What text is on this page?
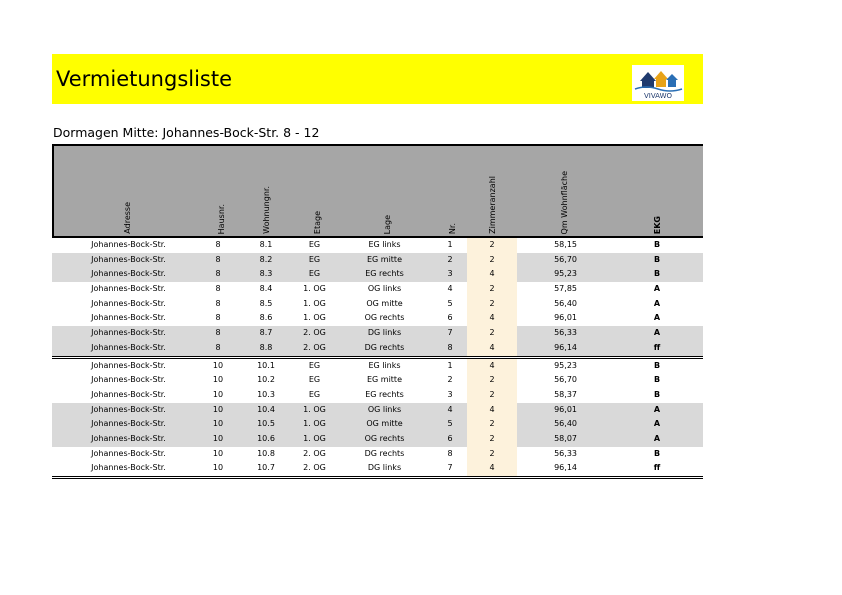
Vermietungsliste
VIVAWO
Dormagen Mitte: Johannes-Bock-Str. 8 - 12
Adresse	Hausnr.	Wohnungnr.	Etage	Lage	Nr.	Zimmeranzahl	Qm Wohnfläche	EKG
Johannes-Bock-Str.	8	8.1	EG	EG links	1	2	58,15	B
Johannes-Bock-Str.	8	8.2	EG	EG mitte	2	2	56,70	B
Johannes-Bock-Str.	8	8.3	EG	EG rechts	3	4	95,23	B
Johannes-Bock-Str.	8	8.4	1. OG	OG links	4	2	57,85	A
Johannes-Bock-Str.	8	8.5	1. OG	OG mitte	5	2	56,40	A
Johannes-Bock-Str.	8	8.6	1. OG	OG rechts	6	4	96,01	A
Johannes-Bock-Str.	8	8.7	2. OG	DG links	7	2	56,33	A
Johannes-Bock-Str.	8	8.8	2. OG	DG rechts	8	4	96,14	ff
Johannes-Bock-Str.	10	10.1	EG	EG links	1	4	95,23	B
Johannes-Bock-Str.	10	10.2	EG	EG mitte	2	2	56,70	B
Johannes-Bock-Str.	10	10.3	EG	EG rechts	3	2	58,37	B
Johannes-Bock-Str.	10	10.4	1. OG	OG links	4	4	96,01	A
Johannes-Bock-Str.	10	10.5	1. OG	OG mitte	5	2	56,40	A
Johannes-Bock-Str.	10	10.6	1. OG	OG rechts	6	2	58,07	A
Johannes-Bock-Str.	10	10.8	2. OG	DG rechts	8	2	56,33	B
Johannes-Bock-Str.	10	10.7	2. OG	DG links	7	4	96,14	ff
